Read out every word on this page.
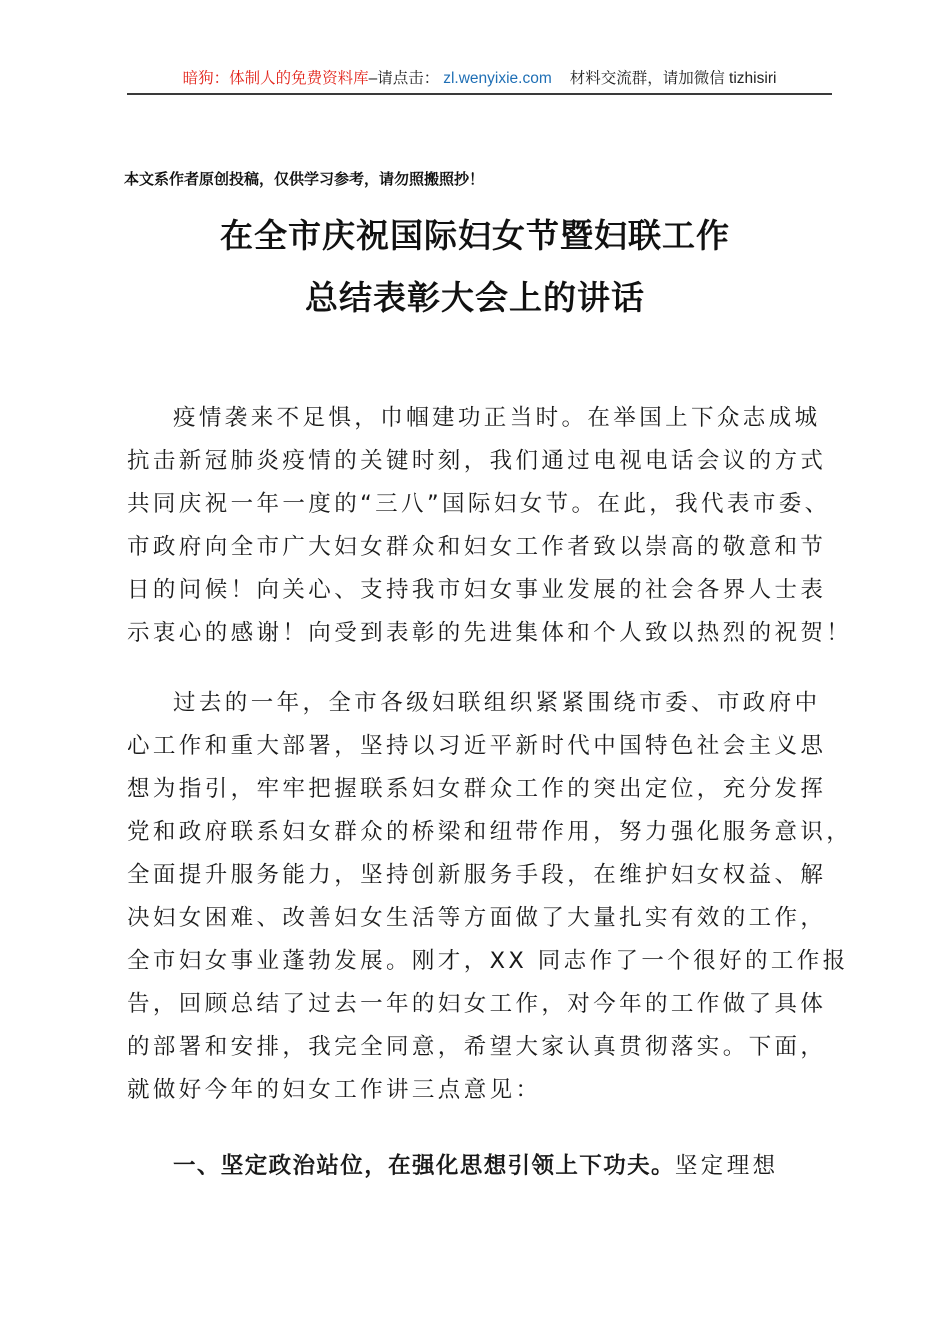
暗狗：体制人的免费资料库–请点击： zl.wenyixie.com 材料交流群，请加微信 tizhisiri
本文系作者原创投稿，仅供学习参考，请勿照搬照抄！
在全市庆祝国际妇女节暨妇联工作
总结表彰大会上的讲话
疫情袭来不足惧，巾帼建功正当时。在举国上下众志成城
抗击新冠肺炎疫情的关键时刻，我们通过电视电话会议的方式
共同庆祝一年一度的“三八”国际妇女节。在此，我代表市委、
市政府向全市广大妇女群众和妇女工作者致以崇高的敬意和节
日的问候！向关心、支持我市妇女事业发展的社会各界人士表
示衷心的感谢！向受到表彰的先进集体和个人致以热烈的祝贺！
过去的一年，全市各级妇联组织紧紧围绕市委、市政府中
心工作和重大部署，坚持以习近平新时代中国特色社会主义思
想为指引，牢牢把握联系妇女群众工作的突出定位，充分发挥
党和政府联系妇女群众的桥梁和纽带作用，努力强化服务意识，
全面提升服务能力，坚持创新服务手段，在维护妇女权益、解
决妇女困难、改善妇女生活等方面做了大量扎实有效的工作，
全市妇女事业蓬勃发展。刚才，XX 同志作了一个很好的工作报
告，回顾总结了过去一年的妇女工作，对今年的工作做了具体
的部署和安排，我完全同意，希望大家认真贯彻落实。下面，
就做好今年的妇女工作讲三点意见：
一、坚定政治站位，在强化思想引领上下功夫。坚定理想
